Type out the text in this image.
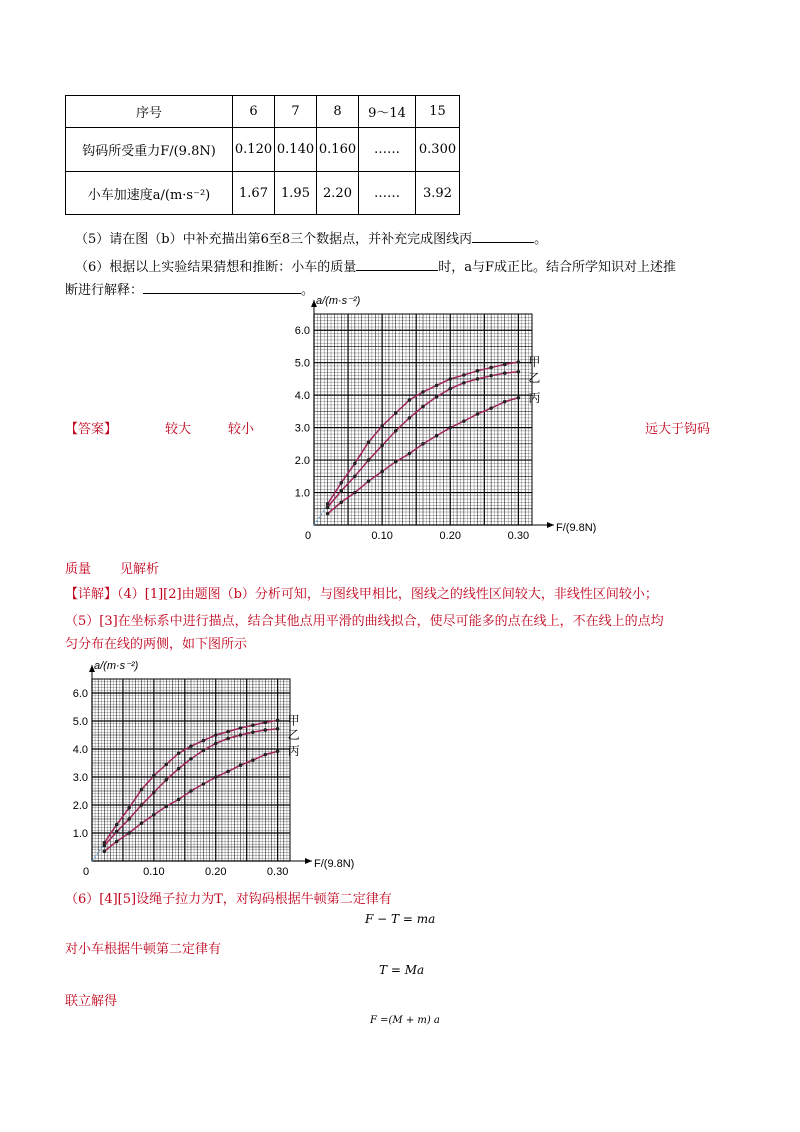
序号	6	7	8	9～14	15
钩码所受重力F/(9.8N)	0.120	0.140	0.160	……	0.300
小车加速度a/(m·s⁻²)	1.67	1.95	2.20	……	3.92
（5）请在图（b）中补充描出第6至8三个数据点，并补充完成图线丙	。
（6）根据以上实验结果猜想和推断：小车的质量	时，a与F成正比。结合所学知识对上述推
断进行解释：	。
【答案】	较大	较小	远大于钩码
质量 见解析
【详解】（4）[1][2]由题图（b）分析可知，与图线甲相比，图线之的线性区间较大，非线性区间较小；
（5）[3]在坐标系中进行描点，结合其他点用平滑的曲线拟合，使尽可能多的点在线上，不在线上的点均
匀分布在线的两侧，如下图所示
（6）[4][5]设绳子拉力为T，对钩码根据牛顿第二定律有
F − T = ma
对小车根据牛顿第二定律有
T = Ma
联立解得
F =(M + m) a
0.10	0.20	0.30
0
1.0
2.0
3.0
4.0
5.0
6.0
F/(9.8N)
a/(m·s⁻²)
甲
乙
丙
0.10	0.20	0.30
0
1.0
2.0
3.0
4.0
5.0
6.0
F/(9.8N)
a/(m·s⁻²)
甲
乙
丙
